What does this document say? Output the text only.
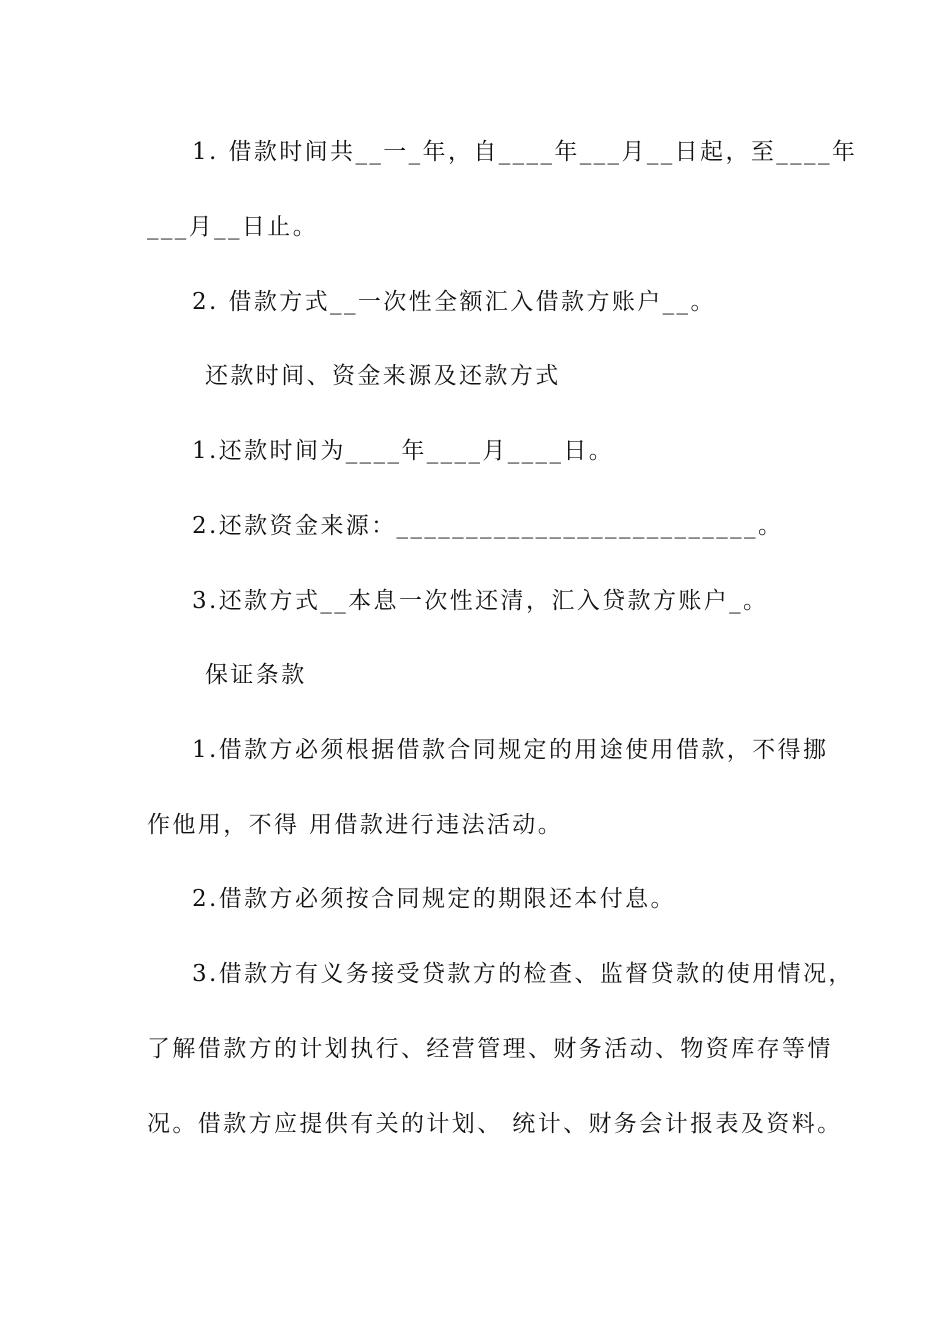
1. 借款时间共__一_年，自____年___月__日起，至____年
___月__日止。
2. 借款方式__一次性全额汇入借款方账户__。
还款时间、资金来源及还款方式
1.还款时间为____年____月____日。
2.还款资金来源：__________________________。
3.还款方式__本息一次性还清，汇入贷款方账户_。
保证条款
1.借款方必须根据借款合同规定的用途使用借款，不得挪
作他用，不得 用借款进行违法活动。
2.借款方必须按合同规定的期限还本付息。
3.借款方有义务接受贷款方的检查、监督贷款的使用情况，
了解借款方的计划执行、经营管理、财务活动、物资库存等情
况。借款方应提供有关的计划、 统计、财务会计报表及资料。
